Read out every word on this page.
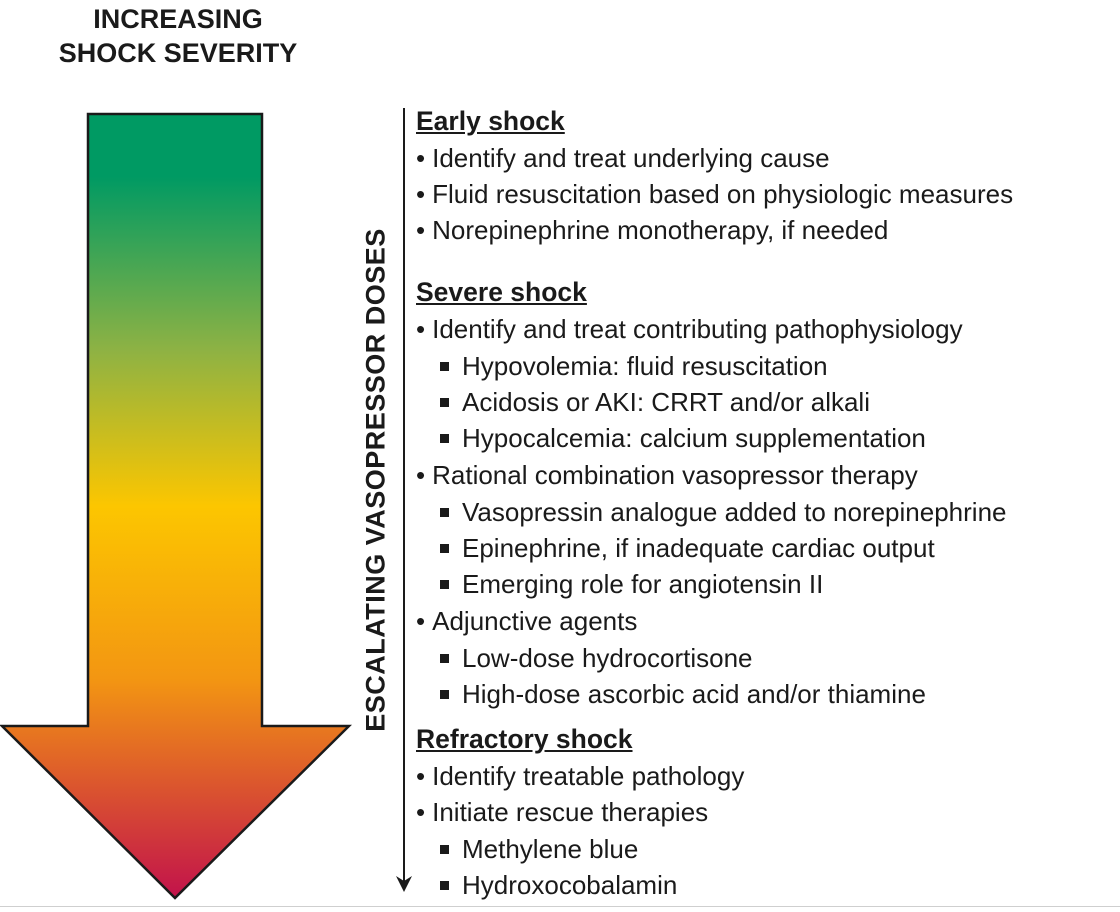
INCREASING
SHOCK SEVERITY
ESCALATING VASOPRESSOR DOSES
Early shock
• Identify and treat underlying cause
• Fluid resuscitation based on physiologic measures
• Norepinephrine monotherapy, if needed
Severe shock
• Identify and treat contributing pathophysiology
Hypovolemia: fluid resuscitation
Acidosis or AKI: CRRT and/or alkali
Hypocalcemia: calcium supplementation
• Rational combination vasopressor therapy
Vasopressin analogue added to norepinephrine
Epinephrine, if inadequate cardiac output
Emerging role for angiotensin II
• Adjunctive agents
Low-dose hydrocortisone
High-dose ascorbic acid and/or thiamine
Refractory shock
• Identify treatable pathology
• Initiate rescue therapies
Methylene blue
Hydroxocobalamin
